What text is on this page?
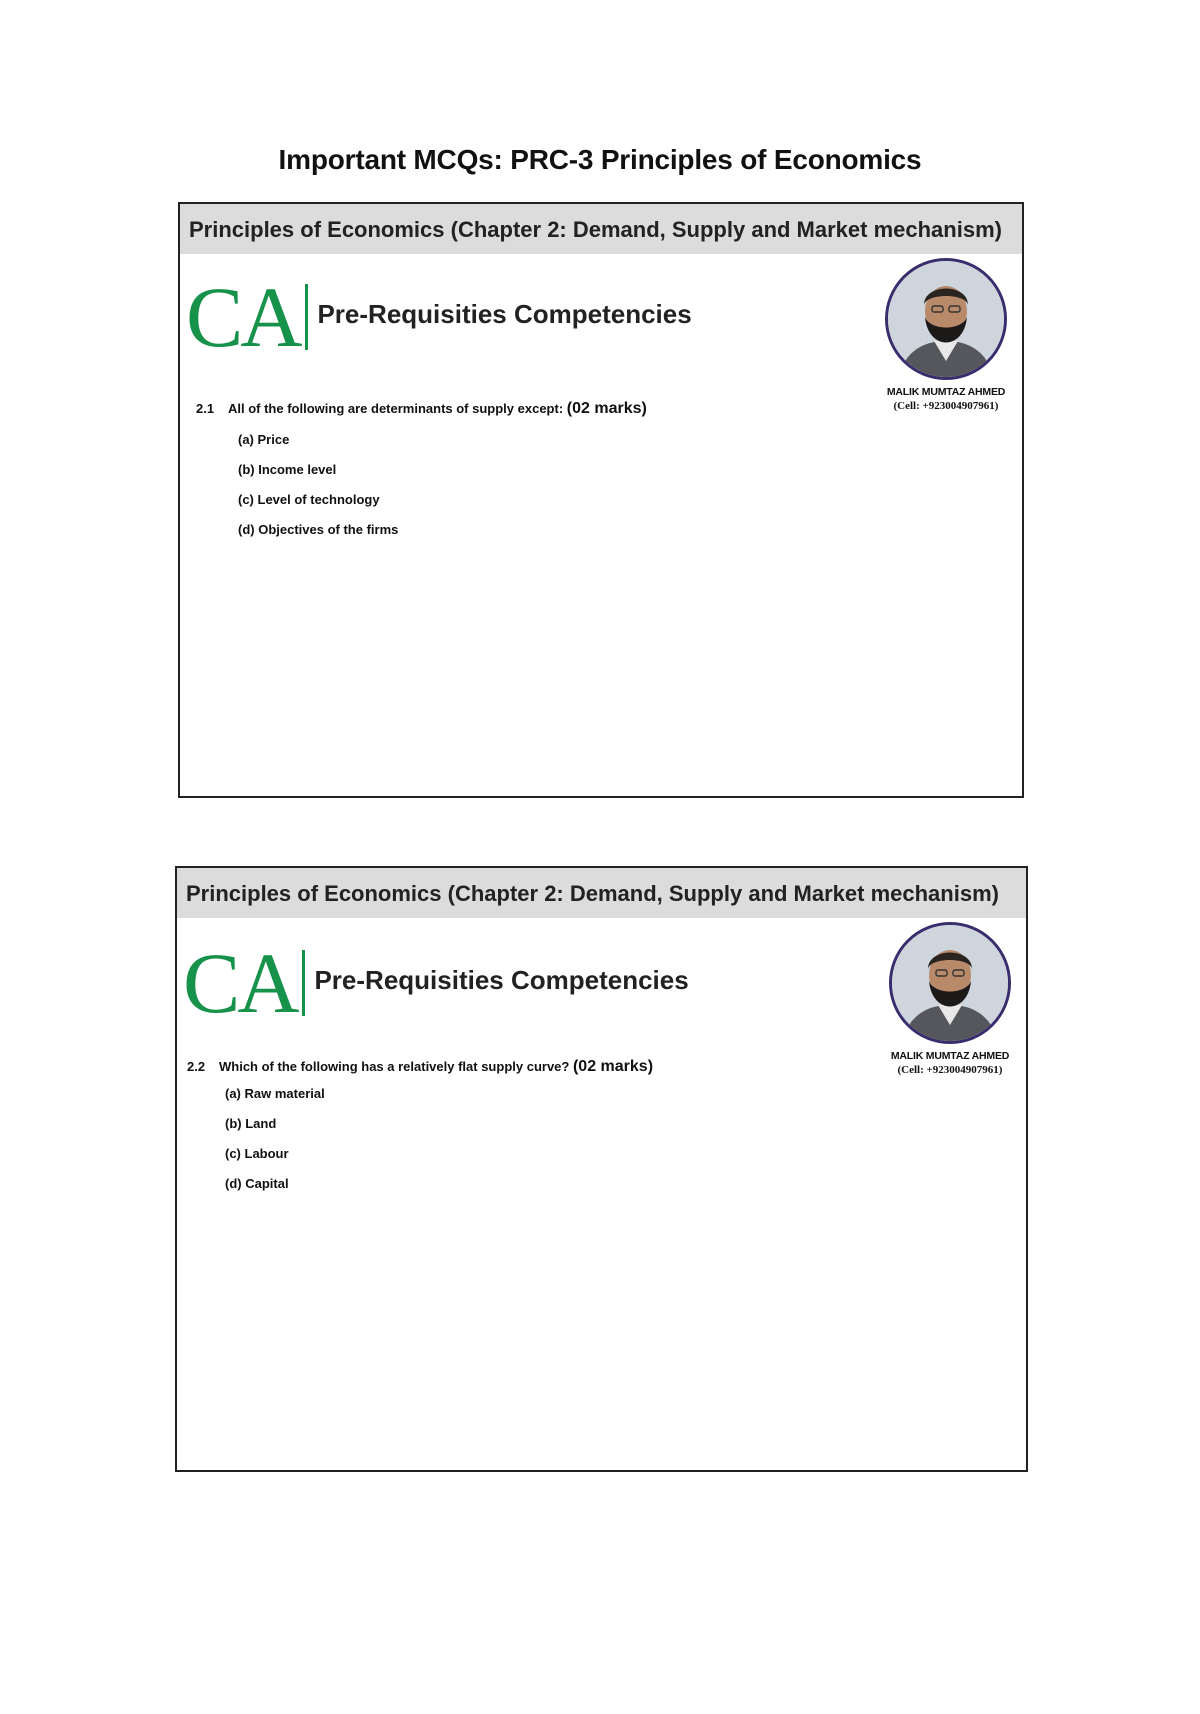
Important MCQs: PRC-3 Principles of Economics
Principles of Economics (Chapter 2: Demand, Supply and Market mechanism)
CA Pre-Requisities Competencies
MALIK MUMTAZ AHMED
(Cell: +923004907961)
2.1 All of the following are determinants of supply except: (02 marks)
(a) Price
(b) Income level
(c) Level of technology
(d) Objectives of the firms
Principles of Economics (Chapter 2: Demand, Supply and Market mechanism)
CA Pre-Requisities Competencies
MALIK MUMTAZ AHMED
(Cell: +923004907961)
2.2 Which of the following has a relatively flat supply curve? (02 marks)
(a) Raw material
(b) Land
(c) Labour
(d) Capital
